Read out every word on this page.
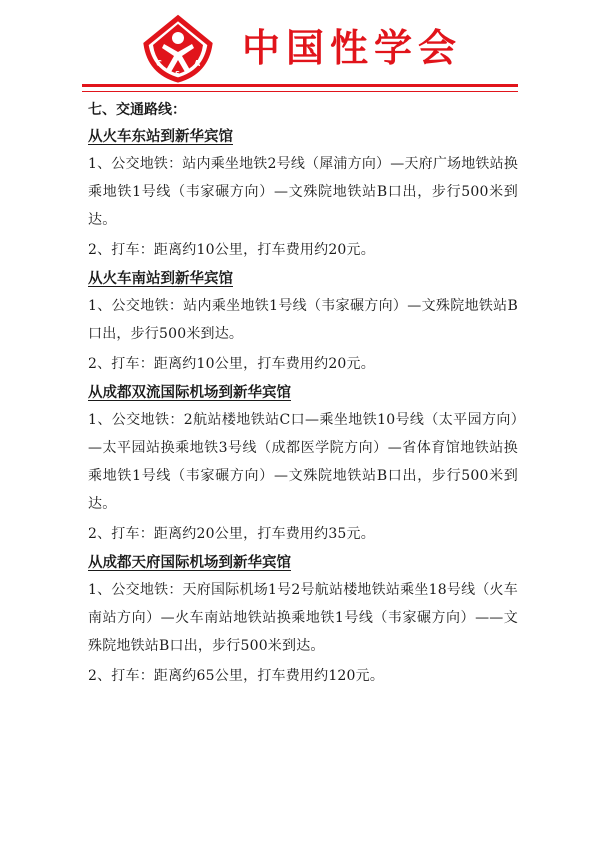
C
S
A 中国性学会

七、交通路线：

从火车东站到新华宾馆

1、公交地铁：站内乘坐地铁2号线（犀浦方向）—天府广场地铁站换乘地铁1号线（韦家碾方向）—文殊院地铁站B口出，步行500米到达。

2、打车：距离约10公里，打车费用约20元。

从火车南站到新华宾馆

1、公交地铁：站内乘坐地铁1号线（韦家碾方向）—文殊院地铁站B口出，步行500米到达。

2、打车：距离约10公里，打车费用约20元。

从成都双流国际机场到新华宾馆

1、公交地铁：2航站楼地铁站C口—乘坐地铁10号线（太平园方向）—太平园站换乘地铁3号线（成都医学院方向）—省体育馆地铁站换乘地铁1号线（韦家碾方向）—文殊院地铁站B口出，步行500米到达。

2、打车：距离约20公里，打车费用约35元。

从成都天府国际机场到新华宾馆

1、公交地铁：天府国际机场1号2号航站楼地铁站乘坐18号线（火车南站方向）—火车南站地铁站换乘地铁1号线（韦家碾方向）——文殊院地铁站B口出，步行500米到达。

2、打车：距离约65公里，打车费用约120元。
